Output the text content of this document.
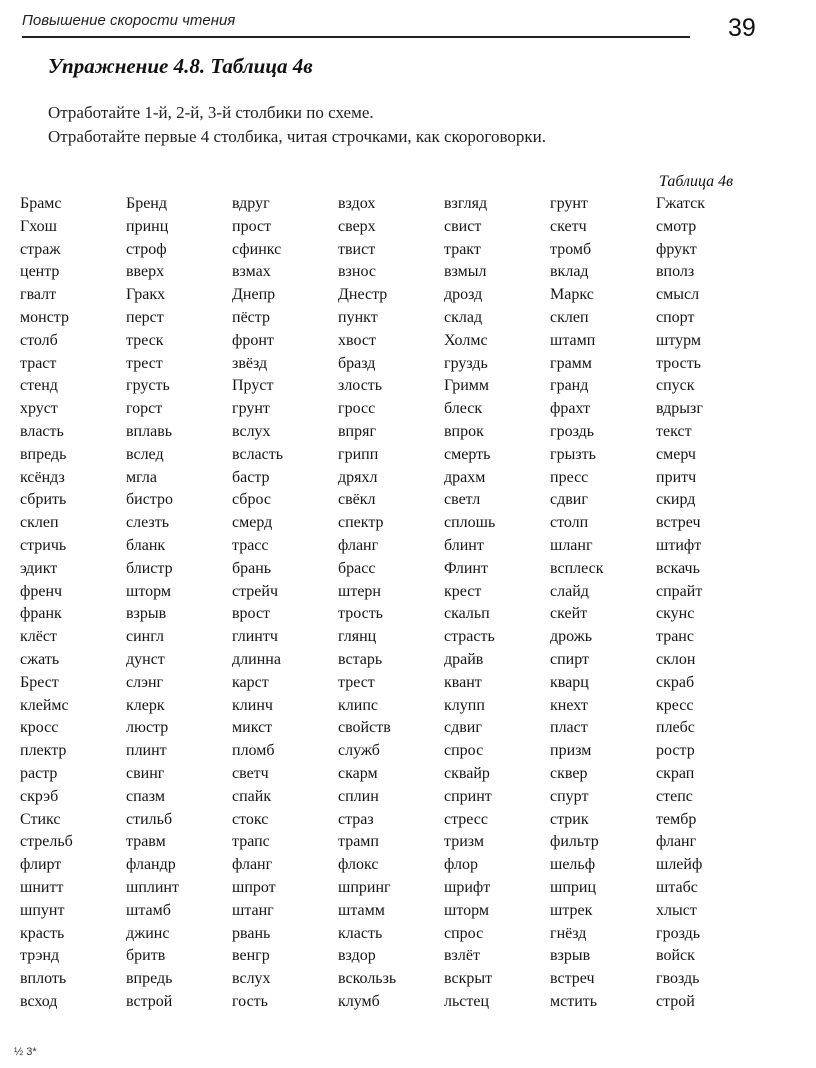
Повышение скорости чтения	39
Упражнение 4.8. Таблица 4в
Отработайте 1-й, 2-й, 3-й столбики по схеме.
Отработайте первые 4 столбика, читая строчками, как скороговорки.
Таблица 4в
Брамс	Бренд	вдруг	вздох	взгляд	грунт	Гжатск
Гхош	принц	прост	сверх	свист	скетч	смотр
страж	строф	сфинкс	твист	тракт	тромб	фрукт
центр	вверх	взмах	взнос	взмыл	вклад	вполз
гвалт	Гракх	Днепр	Днестр	дрозд	Маркс	смысл
монстр	перст	пёстр	пункт	склад	склеп	спорт
столб	треск	фронт	хвост	Холмс	штамп	штурм
траст	трест	звёзд	бразд	груздь	грамм	трость
стенд	грусть	Пруст	злость	Гримм	гранд	спуск
хруст	горст	грунт	гросс	блеск	фрахт	вдрызг
власть	вплавь	вслух	впряг	впрок	гроздь	текст
впредь	вслед	всласть	грипп	смерть	грызть	смерч
ксёндз	мгла	бастр	дряхл	драхм	пресс	притч
сбрить	бистро	сброс	свёкл	светл	сдвиг	скирд
склеп	слезть	смерд	спектр	сплошь	столп	встреч
стричь	бланк	трасс	фланг	блинт	шланг	штифт
эдикт	блистр	брань	брасс	Флинт	всплеск	вскачь
френч	шторм	стрейч	штерн	крест	слайд	спрайт
франк	взрыв	врост	трость	скальп	скейт	скунс
клёст	сингл	глинтч	глянц	страсть	дрожь	транс
сжать	дунст	длинна	встарь	драйв	спирт	склон
Брест	слэнг	карст	трест	квант	кварц	скраб
клеймс	клерк	клинч	клипс	клупп	кнехт	кресс
кросс	люстр	микст	свойств	сдвиг	пласт	плебс
плектр	плинт	пломб	служб	спрос	призм	ростр
растр	свинг	светч	скарм	сквайр	сквер	скрап
скрэб	спазм	спайк	сплин	спринт	спурт	степс
Стикс	стильб	стокс	страз	стресс	стрик	тембр
стрельб	травм	трапс	трамп	тризм	фильтр	фланг
флирт	фландр	фланг	флокс	флор	шельф	шлейф
шнитт	шплинт	шпрот	шпринг	шрифт	шприц	штабс
шпунт	штамб	штанг	штамм	шторм	штрек	хлыст
красть	джинс	рвань	класть	спрос	гнёзд	гроздь
трэнд	бритв	венгр	вздор	взлёт	взрыв	войск
вплоть	впредь	вслух	вскользь	вскрыт	встреч	гвоздь
всход	встрой	гость	клумб	льстец	мстить	строй
½ 3*
